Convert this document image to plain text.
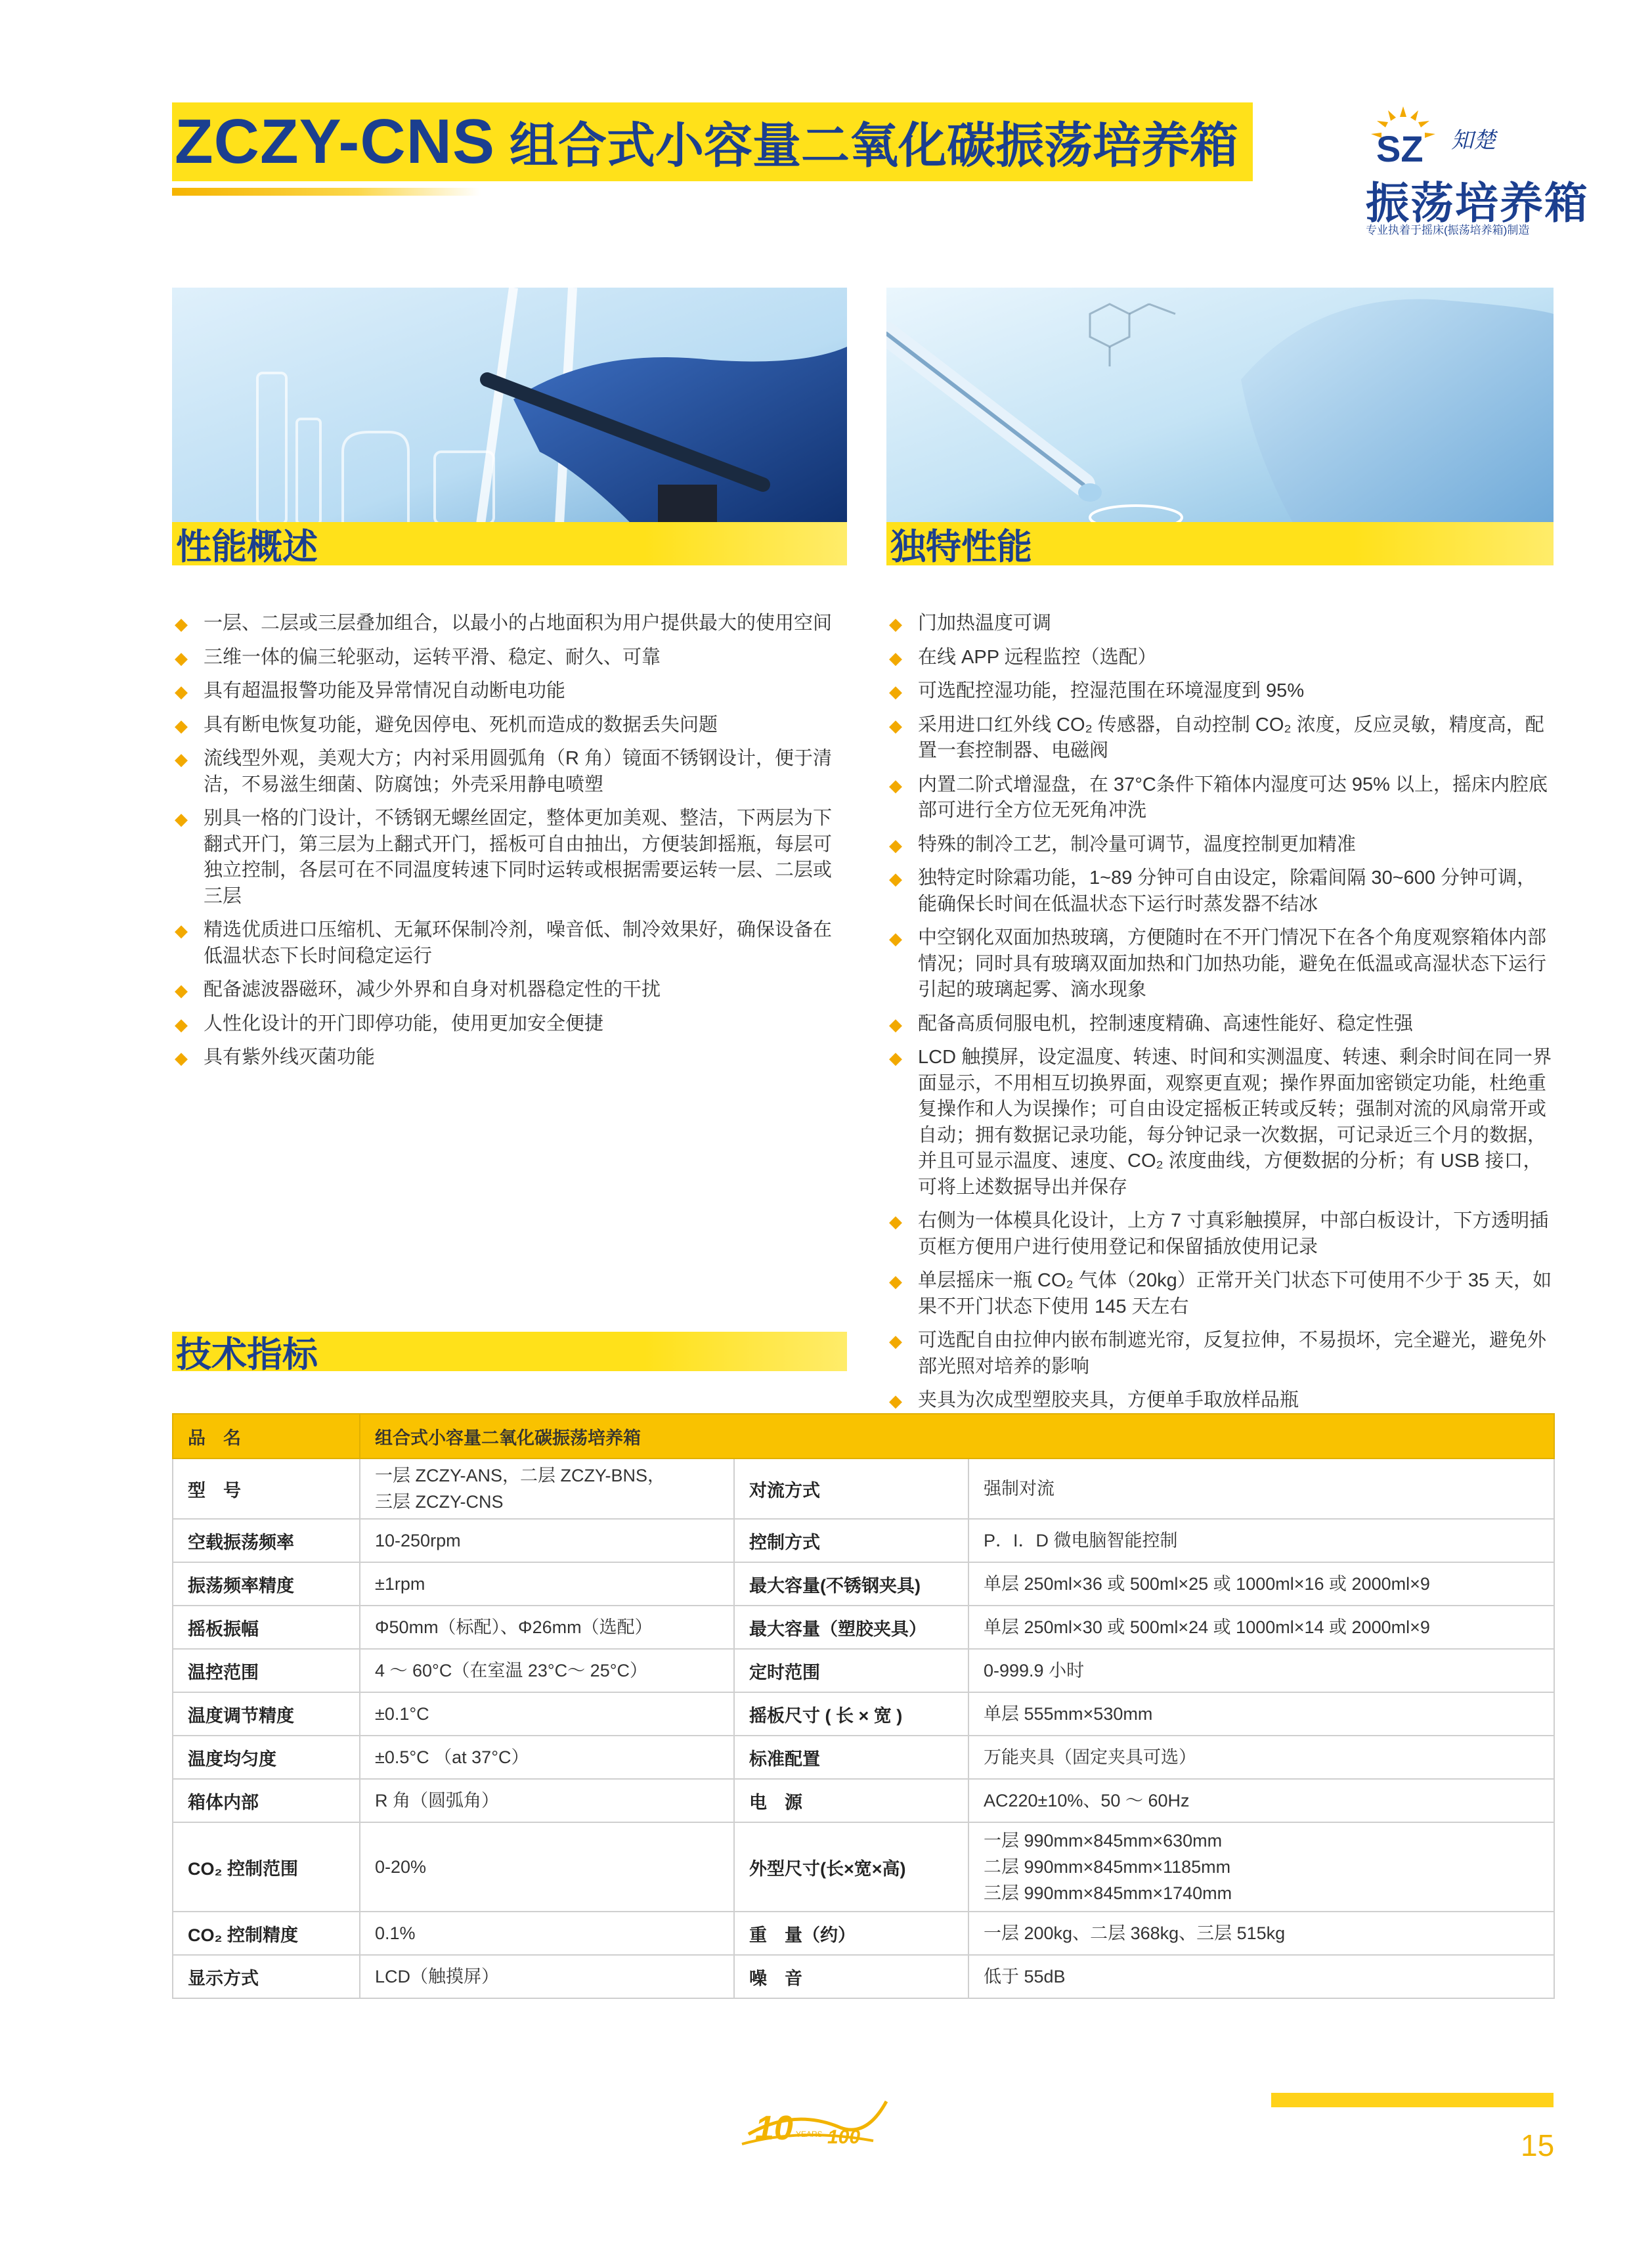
ZCZY-CNS 组合式小容量二氧化碳振荡培养箱	SZ 知楚
振荡培养箱
专业执着于摇床(振荡培养箱)制造
性能概述	独特性能
◆ 一层、二层或三层叠加组合，以最小的占地面积为用户提供最大的使用空间
◆ 三维一体的偏三轮驱动，运转平滑、稳定、耐久、可靠
◆ 具有超温报警功能及异常情况自动断电功能
◆ 具有断电恢复功能，避免因停电、死机而造成的数据丢失问题
◆ 流线型外观，美观大方；内衬采用圆弧角（R 角）镜面不锈钢设计，便于清洁，不易滋生细菌、防腐蚀；外壳采用静电喷塑
◆ 别具一格的门设计，不锈钢无螺丝固定，整体更加美观、整洁，下两层为下翻式开门，第三层为上翻式开门，摇板可自由抽出，方便装卸摇瓶，每层可独立控制，各层可在不同温度转速下同时运转或根据需要运转一层、二层或三层
◆ 精选优质进口压缩机、无氟环保制冷剂，噪音低、制冷效果好，确保设备在低温状态下长时间稳定运行
◆ 配备滤波器磁环，减少外界和自身对机器稳定性的干扰
◆ 人性化设计的开门即停功能，使用更加安全便捷
◆ 具有紫外线灭菌功能
◆ 门加热温度可调
◆ 在线 APP 远程监控（选配）
◆ 可选配控湿功能，控湿范围在环境湿度到 95%
◆ 采用进口红外线 CO₂ 传感器，自动控制 CO₂ 浓度，反应灵敏，精度高，配置一套控制器、电磁阀
◆ 内置二阶式增湿盘，在 37°C条件下箱体内湿度可达 95% 以上，摇床内腔底部可进行全方位无死角冲洗
◆ 特殊的制冷工艺，制冷量可调节，温度控制更加精准
◆ 独特定时除霜功能，1~89 分钟可自由设定，除霜间隔 30~600 分钟可调，能确保长时间在低温状态下运行时蒸发器不结冰
◆ 中空钢化双面加热玻璃，方便随时在不开门情况下在各个角度观察箱体内部情况；同时具有玻璃双面加热和门加热功能，避免在低温或高湿状态下运行引起的玻璃起雾、滴水现象
◆ 配备高质伺服电机，控制速度精确、高速性能好、稳定性强
◆ LCD 触摸屏，设定温度、转速、时间和实测温度、转速、剩余时间在同一界面显示，不用相互切换界面，观察更直观；操作界面加密锁定功能，杜绝重复操作和人为误操作；可自由设定摇板正转或反转；强制对流的风扇常开或自动；拥有数据记录功能，每分钟记录一次数据，可记录近三个月的数据，并且可显示温度、速度、CO₂ 浓度曲线，方便数据的分析；有 USB 接口，可将上述数据导出并保存
◆ 右侧为一体模具化设计，上方 7 寸真彩触摸屏，中部白板设计，下方透明插页框方便用户进行使用登记和保留插放使用记录
◆ 单层摇床一瓶 CO₂ 气体（20kg）正常开关门状态下可使用不少于 35 天，如果不开门状态下使用 145 天左右
◆ 可选配自由拉伸内嵌布制遮光帘，反复拉伸，不易损坏，完全避光，避免外部光照对培养的影响
◆ 夹具为次成型塑胶夹具，方便单手取放样品瓶
技术指标
品　名	组合式小容量二氧化碳振荡培养箱		
型　号	一层 ZCZY-ANS，二层 ZCZY-BNS，
三层 ZCZY-CNS	对流方式	强制对流

空载振荡频率	10-250rpm	控制方式	P．I．D 微电脑智能控制

振荡频率精度	±1rpm	最大容量(不锈钢夹具)	单层 250ml×36 或 500ml×25 或 1000ml×16 或 2000ml×9

摇板振幅	Φ50mm（标配）、Φ26mm（选配）	最大容量（塑胶夹具）	单层 250ml×30 或 500ml×24 或 1000ml×14 或 2000ml×9

温控范围	4 ～ 60°C（在室温 23°C～ 25°C）	定时范围	0-999.9 小时

温度调节精度	±0.1°C	摇板尺寸 ( 长 × 宽 )	单层 555mm×530mm

温度均匀度	±0.5°C （at 37°C）	标准配置	万能夹具（固定夹具可选）

箱体内部	R 角（圆弧角）	电　源	AC220±10%、50 ～ 60Hz

CO₂ 控制范围	0-20%	外型尺寸(长×宽×高)	一层 990mm×845mm×630mm
二层 990mm×845mm×1185mm
三层 990mm×845mm×1740mm

CO₂ 控制精度	0.1%	重　量（约）	一层 200kg、二层 368kg、三层 515kg

显示方式	LCD（触摸屏）	噪　音	低于 55dB
10 YEARS 100	15
